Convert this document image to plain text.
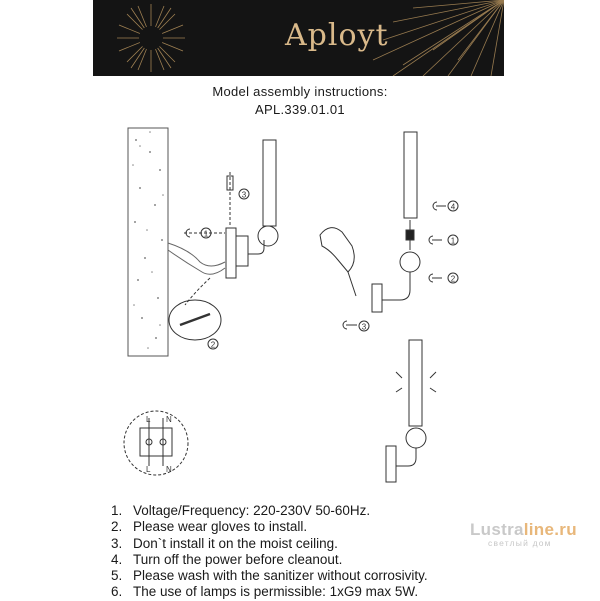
Aployt
Model assembly instructions:
APL.339.01.01
1
3
2
4
1
2
3
L N
L N
1. Voltage/Frequency: 220-230V 50-60Hz.
2. Please wear gloves to install.
3. Don`t install it on the moist ceiling.
4. Turn off the power before cleanout.
5. Please wash with the sanitizer without corrosivity.
6. The use of lamps is permissible: 1xG9 max 5W.
Lustraline.ru
светлый дом
